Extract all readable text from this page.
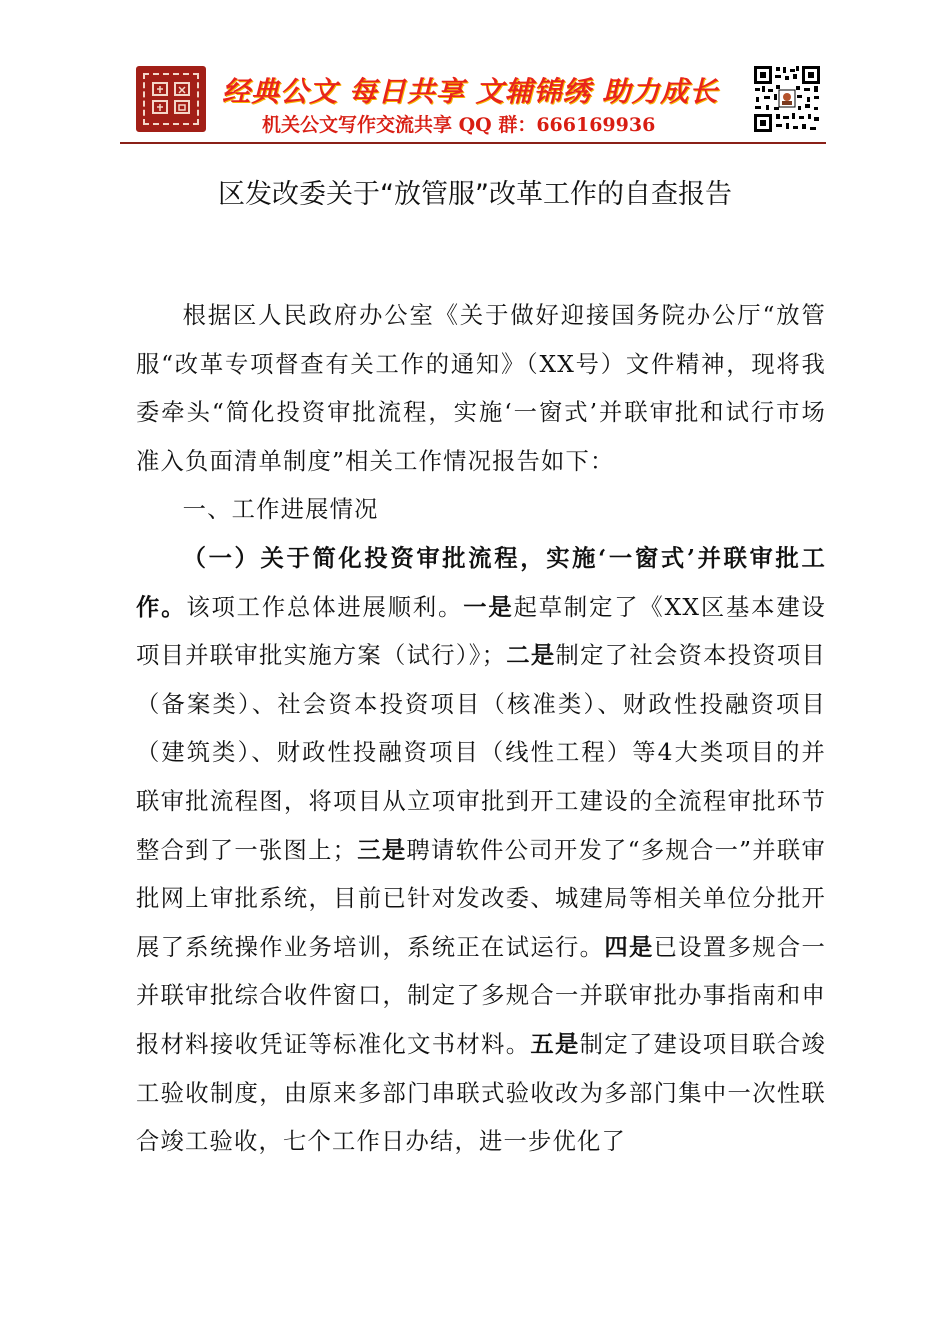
经典公文 每日共享 文辅锦绣 助力成长
机关公文写作交流共享 QQ 群：666169936
区发改委关于“放管服”改革工作的自查报告

根据区人民政府办公室《关于做好迎接国务院办公厅“放管服“改革专项督查有关工作的通知》（XX号）文件精神，现将我委牵头“简化投资审批流程，实施‘一窗式’并联审批和试行市场准入负面清单制度”相关工作情况报告如下：

一、工作进展情况

（一）关于简化投资审批流程，实施‘一窗式’并联审批工作。该项工作总体进展顺利。一是起草制定了《XX区基本建设项目并联审批实施方案（试行）》；二是制定了社会资本投资项目（备案类）、社会资本投资项目（核准类）、财政性投融资项目（建筑类）、财政性投融资项目（线性工程）等4大类项目的并联审批流程图，将项目从立项审批到开工建设的全流程审批环节整合到了一张图上；三是聘请软件公司开发了“多规合一”并联审批网上审批系统，目前已针对发改委、城建局等相关单位分批开展了系统操作业务培训，系统正在试运行。四是已设置多规合一并联审批综合收件窗口，制定了多规合一并联审批办事指南和申报材料接收凭证等标准化文书材料。五是制定了建设项目联合竣工验收制度，由原来多部门串联式验收改为多部门集中一次性联合竣工验收，七个工作日办结，进一步优化了
